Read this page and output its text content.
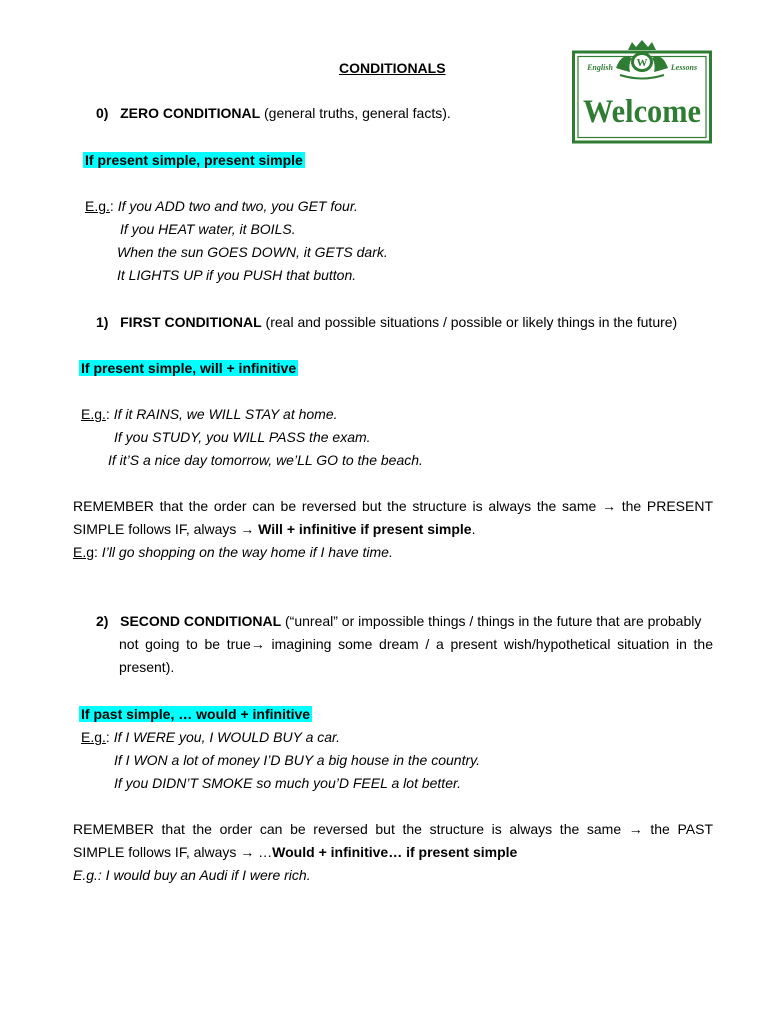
W
English	Lessons
Welcome
CONDITIONALS
0) ZERO CONDITIONAL (general truths, general facts).
If present simple, present simple
E.g.: If you ADD two and two, you GET four.
If you HEAT water, it BOILS.
When the sun GOES DOWN, it GETS dark.
It LIGHTS UP if you PUSH that button.
1) FIRST CONDITIONAL (real and possible situations / possible or likely things in the future)
If present simple, will + infinitive
E.g.: If it RAINS, we WILL STAY at home.
If you STUDY, you WILL PASS the exam.
If it’S a nice day tomorrow, we’LL GO to the beach.
REMEMBER that the order can be reversed but the structure is always the same → the PRESENT
SIMPLE follows IF, always → Will + infinitive if present simple.
E.g: I’ll go shopping on the way home if I have time.
2) SECOND CONDITIONAL (“unreal” or impossible things / things in the future that are probably
not going to be true→ imagining some dream / a present wish/hypothetical situation in the
present).
If past simple, … would + infinitive
E.g.: If I WERE you, I WOULD BUY a car.
If I WON a lot of money I’D BUY a big house in the country.
If you DIDN’T SMOKE so much you’D FEEL a lot better.
REMEMBER that the order can be reversed but the structure is always the same → the PAST
SIMPLE follows IF, always → …Would + infinitive… if present simple
E.g.: I would buy an Audi if I were rich.
